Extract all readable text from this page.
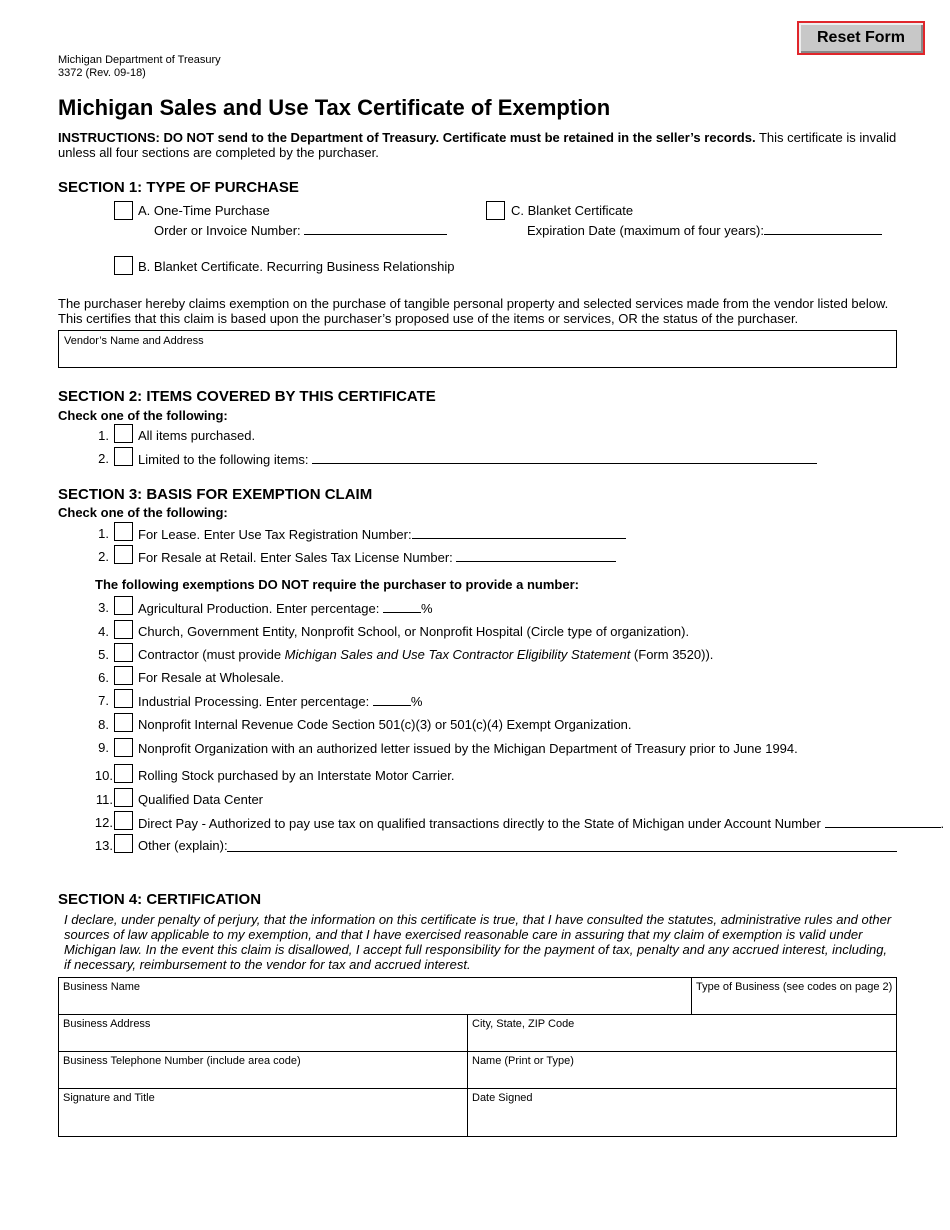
Reset Form
Michigan Department of Treasury
3372 (Rev. 09-18)
Michigan Sales and Use Tax Certificate of Exemption
INSTRUCTIONS: DO NOT send to the Department of Treasury. Certificate must be retained in the seller’s records. This certificate is invalid unless all four sections are completed by the purchaser.
SECTION 1: TYPE OF PURCHASE
A. One-Time Purchase
Order or Invoice Number:
C. Blanket Certificate
Expiration Date (maximum of four years):
B. Blanket Certificate. Recurring Business Relationship
The purchaser hereby claims exemption on the purchase of tangible personal property and selected services made from the vendor listed below. This certifies that this claim is based upon the purchaser’s proposed use of the items or services, OR the status of the purchaser.
Vendor’s Name and Address
SECTION 2: ITEMS COVERED BY THIS CERTIFICATE
Check one of the following:
1. All items purchased.
2. Limited to the following items:
SECTION 3: BASIS FOR EXEMPTION CLAIM
Check one of the following:
1. For Lease. Enter Use Tax Registration Number:
2. For Resale at Retail. Enter Sales Tax License Number:
The following exemptions DO NOT require the purchaser to provide a number:
3. Agricultural Production. Enter percentage:	%
4. Church, Government Entity, Nonprofit School, or Nonprofit Hospital (Circle type of organization).
5. Contractor (must provide Michigan Sales and Use Tax Contractor Eligibility Statement (Form 3520)).
6. For Resale at Wholesale.
7. Industrial Processing. Enter percentage:	%
8. Nonprofit Internal Revenue Code Section 501(c)(3) or 501(c)(4) Exempt Organization.
9. Nonprofit Organization with an authorized letter issued by the Michigan Department of Treasury prior to June 1994.
10. Rolling Stock purchased by an Interstate Motor Carrier.
11. Qualified Data Center
12. Direct Pay - Authorized to pay use tax on qualified transactions directly to the State of Michigan under Account Number	.
13. Other (explain):
SECTION 4: CERTIFICATION
I declare, under penalty of perjury, that the information on this certificate is true, that I have consulted the statutes, administrative rules and other sources of law applicable to my exemption, and that I have exercised reasonable care in assuring that my claim of exemption is valid under Michigan law. In the event this claim is disallowed, I accept full responsibility for the payment of tax, penalty and any accrued interest, including, if necessary, reimbursement to the vendor for tax and accrued interest.
Business Name	Type of Business (see codes on page 2)
Business Address	City, State, ZIP Code
Business Telephone Number (include area code)	Name (Print or Type)
Signature and Title	Date Signed
